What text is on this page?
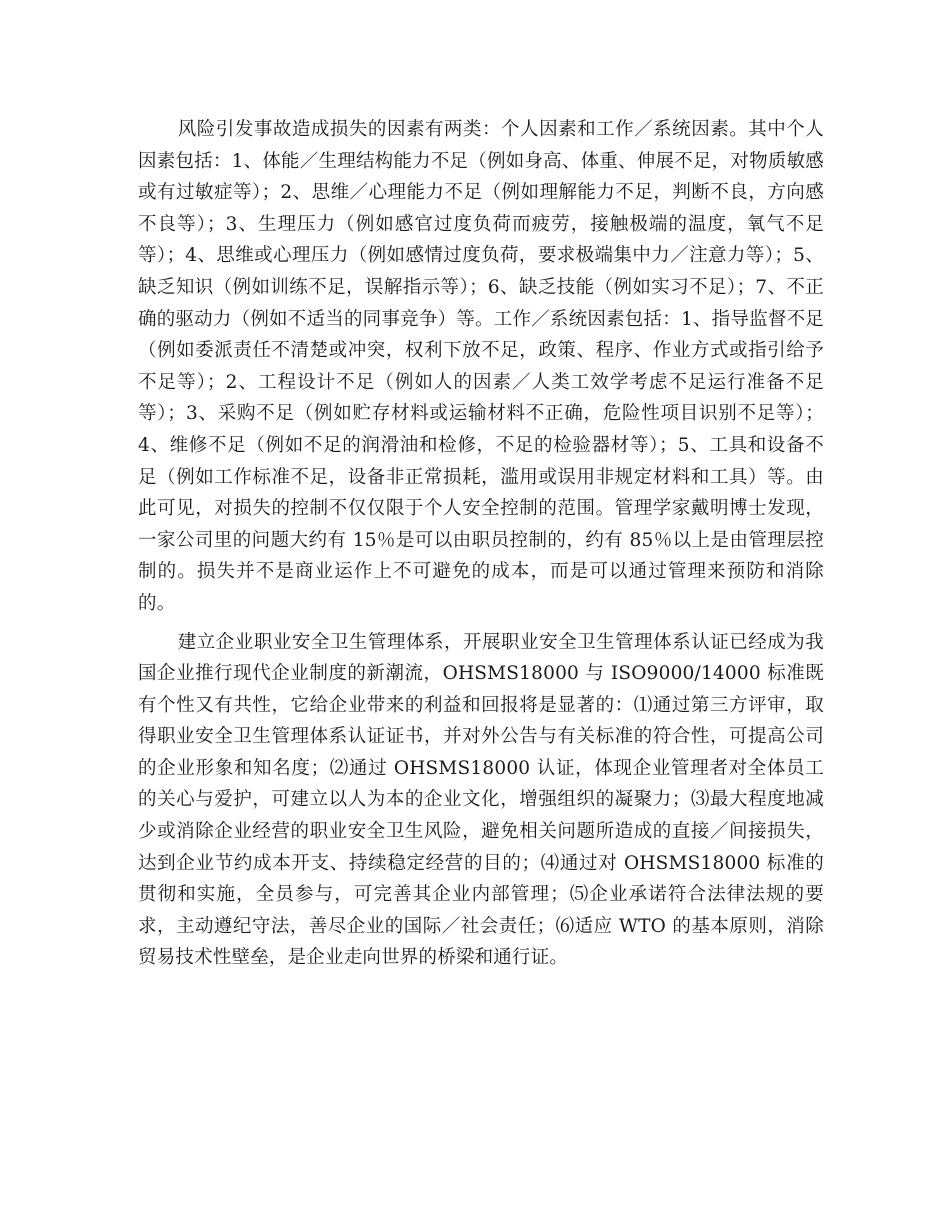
风险引发事故造成损失的因素有两类：个人因素和工作／系统因素。其中个人因素包括：1、体能／生理结构能力不足（例如身高、体重、伸展不足，对物质敏感或有过敏症等）；2、思维／心理能力不足（例如理解能力不足，判断不良，方向感不良等）；3、生理压力（例如感官过度负荷而疲劳，接触极端的温度，氧气不足等）；4、思维或心理压力（例如感情过度负荷，要求极端集中力／注意力等）；5、缺乏知识（例如训练不足，误解指示等）；6、缺乏技能（例如实习不足）；7、不正确的驱动力（例如不适当的同事竞争）等。工作／系统因素包括：1、指导监督不足（例如委派责任不清楚或冲突，权利下放不足，政策、程序、作业方式或指引给予不足等）；2、工程设计不足（例如人的因素／人类工效学考虑不足运行准备不足等）；3、采购不足（例如贮存材料或运输材料不正确，危险性项目识别不足等）；4、维修不足（例如不足的润滑油和检修，不足的检验器材等）；5、工具和设备不足（例如工作标准不足，设备非正常损耗，滥用或误用非规定材料和工具）等。由此可见，对损失的控制不仅仅限于个人安全控制的范围。管理学家戴明博士发现，一家公司里的问题大约有 15％是可以由职员控制的，约有 85％以上是由管理层控制的。损失并不是商业运作上不可避免的成本，而是可以通过管理来预防和消除的。

建立企业职业安全卫生管理体系，开展职业安全卫生管理体系认证已经成为我国企业推行现代企业制度的新潮流，OHSMS18000 与 ISO9000/14000 标准既有个性又有共性，它给企业带来的利益和回报将是显著的：⑴通过第三方评审，取得职业安全卫生管理体系认证证书，并对外公告与有关标准的符合性，可提高公司的企业形象和知名度；⑵通过 OHSMS18000 认证，体现企业管理者对全体员工的关心与爱护，可建立以人为本的企业文化，增强组织的凝聚力；⑶最大程度地减少或消除企业经营的职业安全卫生风险，避免相关问题所造成的直接／间接损失，达到企业节约成本开支、持续稳定经营的目的；⑷通过对 OHSMS18000 标准的贯彻和实施，全员参与，可完善其企业内部管理；⑸企业承诺符合法律法规的要求，主动遵纪守法，善尽企业的国际／社会责任；⑹适应 WTO 的基本原则，消除贸易技术性壁垒，是企业走向世界的桥梁和通行证。
